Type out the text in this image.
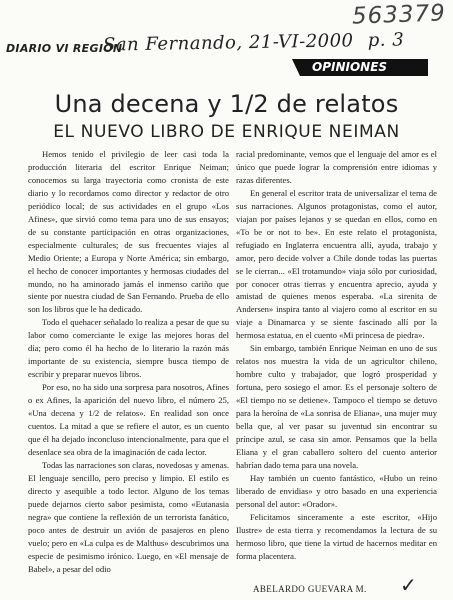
563379
DIARIO VI REGION
San Fernando, 21-VI-2000 p. 3
OPINIONES
Una decena y 1/2 de relatos
EL NUEVO LIBRO DE ENRIQUE NEIMAN

Hemos tenido el privilegio de leer casi toda la producción literaria del escritor Enrique Neiman; conocemos su larga trayectoria como cronista de este diario y lo recordamos como director y redactor de otro periódico local; de sus actividades en el grupo «Los Afines», que sirvió como tema para uno de sus ensayos; de su constante participación en otras organizaciones, especialmente culturales; de sus frecuentes viajes al Medio Oriente; a Europa y Norte América; sin embargo, el hecho de conocer importantes y hermosas ciudades del mundo, no ha aminorado jamás el inmenso cariño que siente por nuestra ciudad de San Fernando. Prueba de ello son los libros que le ha dedicado.

Todo el quehacer señalado lo realiza a pesar de que su labor como comerciante le exige las mejores horas del día; pero como él ha hecho de lo literario la razón más importante de su existencia, siempre busca tiempo de escribir y preparar nuevos libros.

Por eso, no ha sido una sorpresa para nosotros, Afines o ex Afines, la aparición del nuevo libro, el número 25, «Una decena y 1/2 de relatos». En realidad son once cuentos. La mitad a que se refiere el autor, es un cuento que él ha dejado inconcluso intencionalmente, para que el desenlace sea obra de la imaginación de cada lector.

Todas las narraciones son claras, novedosas y amenas. El lenguaje sencillo, pero preciso y limpio. El estilo es directo y asequible a todo lector. Alguno de los temas puede dejarnos cierto sabor pesimista, como «Eutanasia negra» que contiene la reflexión de un terrorista fanático, poco antes de destruir un avión de pasajeros en pleno vuelo; pero en «La culpa es de Malthus» descubrimos una especie de pesimismo irónico. Luego, en «El mensaje de Babel», a pesar del odio

racial predominante, vemos que el lenguaje del amor es el único que puede lograr la comprensión entre idiomas y razas diferentes.

En general el escritor trata de universalizar el tema de sus narraciones. Algunos protagonistas, como el autor, viajan por países lejanos y se quedan en ellos, como en «To be or not to be». En este relato el protagonista, refugiado en Inglaterra encuentra allí, ayuda, trabajo y amor, pero decide volver a Chile donde todas las puertas se le cierran... «El trotamundo» viaja sólo por curiosidad, por conocer otras tierras y encuentra aprecio, ayuda y amistad de quienes menos esperaba. «La sirenita de Andersen» inspira tanto al viajero como al escritor en su viaje a Dinamarca y se siente fascinado allí por la hermosa estatua, en el cuento «Mi princesa de piedra».

Sin embargo, también Enrique Neiman en uno de sus relatos nos muestra la vida de un agricultor chileno, hombre culto y trabajador, que logró prosperidad y fortuna, pero sosiego el amor. Es el personaje soltero de «El tiempo no se detiene». Tampoco el tiempo se detuvo para la heroína de «La sonrisa de Eliana», una mujer muy bella que, al ver pasar su juventud sin encontrar su príncipe azul, se casa sin amor. Pensamos que la bella Eliana y el gran caballero soltero del cuento anterior habrían dado tema para una novela.

Hay también un cuento fantástico, «Hubo un reino liberado de envidias» y otro basado en una experiencia personal del autor: «Orador».

Felicitamos sinceramente a este escritor, «Hijo Ilustre» de esta tierra y recomendamos la lectura de su hermoso libro, que tiene la virtud de hacernos meditar en forma placentera.

ABELARDO GUEVARA M. ✓
